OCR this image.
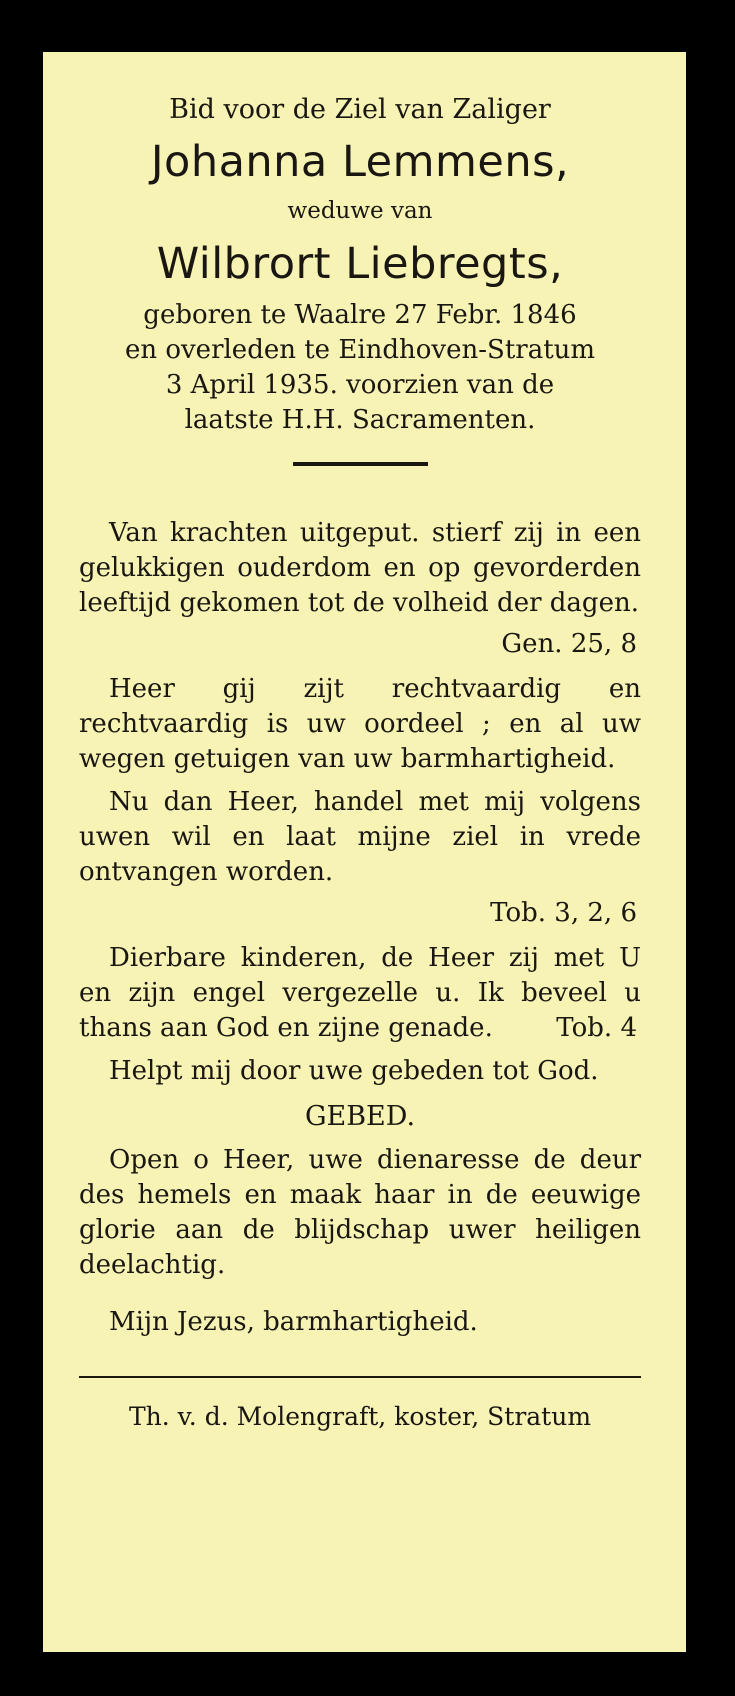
Bid voor de Ziel van Zaliger

Johanna Lemmens,

weduwe van

Wilbrort Liebregts,

geboren te Waalre 27 Febr. 1846

en overleden te Eindhoven-Stratum

3 April 1935. voorzien van de

laatste H.H. Sacramenten.

Van krachten uitgeput. stierf zij in een gelukkigen ouderdom en op gevorderden leeftijd gekomen tot de volheid der dagen.

Gen. 25, 8

Heer gij zijt rechtvaardig en rechtvaardig is uw oordeel ; en al uw wegen getuigen van uw barmhartigheid.

Nu dan Heer, handel met mij volgens uwen wil en laat mijne ziel in vrede ontvangen worden.

Tob. 3, 2, 6

Dierbare kinderen, de Heer zij met U en zijn engel vergezelle u. Ik beveel u thans aan God en zijne genade.	Tob. 4

Helpt mij door uwe gebeden tot God.

GEBED.

Open o Heer, uwe dienaresse de deur des hemels en maak haar in de eeuwige glorie aan de blijdschap uwer heiligen deelachtig.

Mijn Jezus, barmhartigheid.

Th. v. d. Molengraft, koster, Stratum
